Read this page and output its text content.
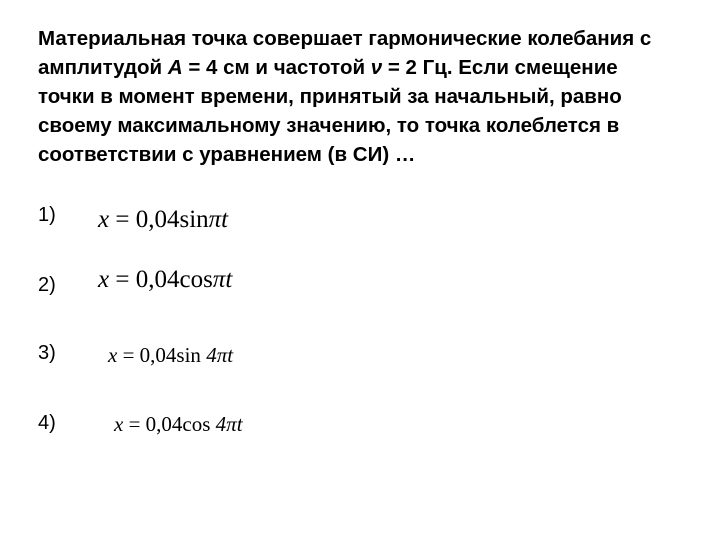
Материальная точка совершает гармонические колебания с
амплитудой A = 4 см и частотой ν = 2 Гц. Если смещение
точки в момент времени, принятый за начальный, равно
своему максимальному значению, то точка колеблется в
соответствии с уравнением (в СИ) …
1) x = 0,04sinπt
2) x = 0,04cosπt
3) x = 0,04sin 4πt
4)	x = 0,04cos 4πt
